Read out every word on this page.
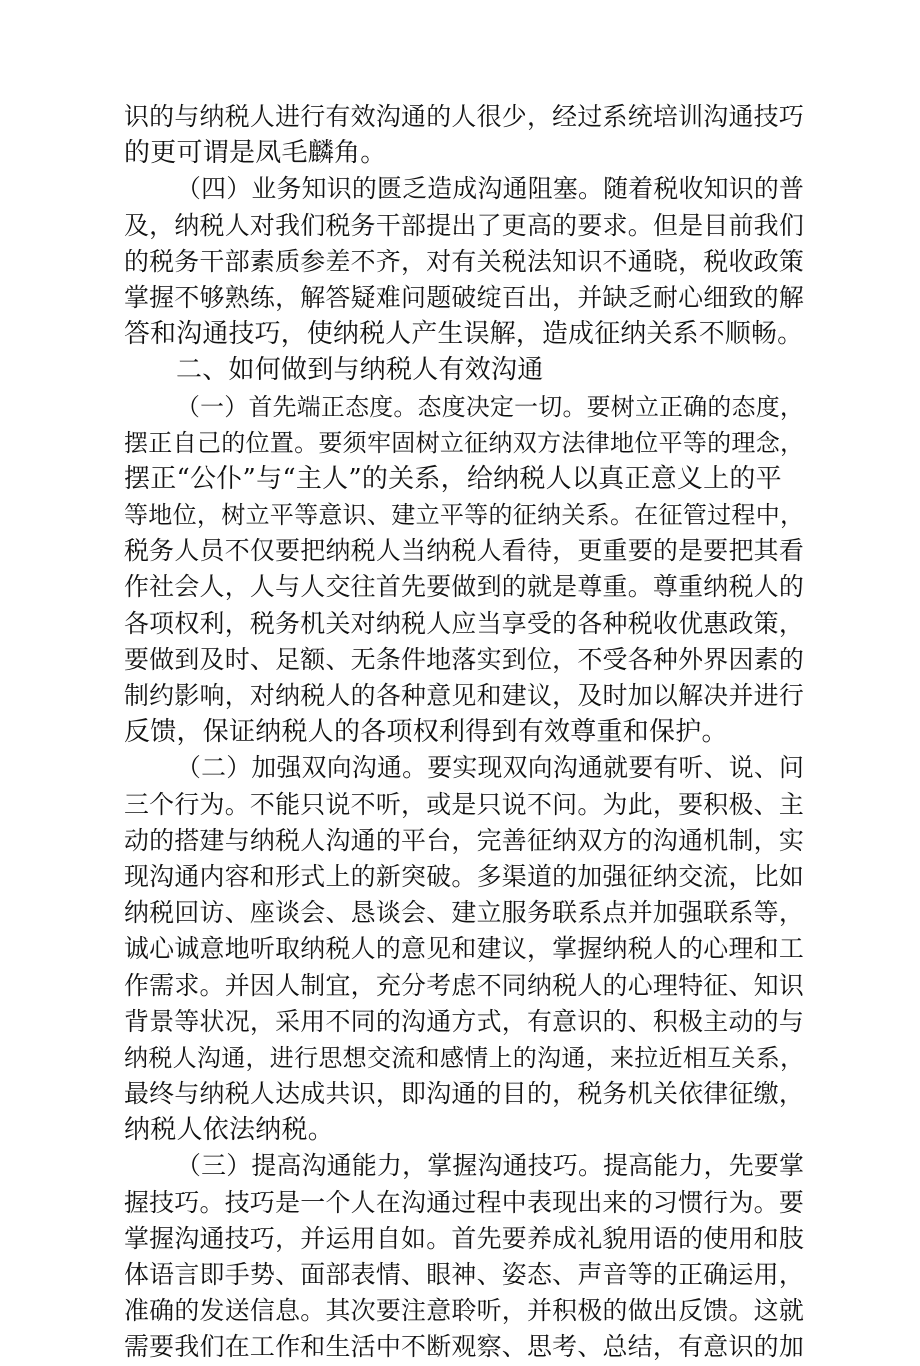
识的与纳税人进行有效沟通的人很少，经过系统培训沟通技巧
的更可谓是凤毛麟角。
（四）业务知识的匮乏造成沟通阻塞。随着税收知识的普
及，纳税人对我们税务干部提出了更高的要求。但是目前我们
的税务干部素质参差不齐，对有关税法知识不通晓，税收政策
掌握不够熟练，解答疑难问题破绽百出，并缺乏耐心细致的解
答和沟通技巧，使纳税人产生误解，造成征纳关系不顺畅。
二、如何做到与纳税人有效沟通
（一）首先端正态度。态度决定一切。要树立正确的态度，
摆正自己的位置。要须牢固树立征纳双方法律地位平等的理念，
摆正“公仆”与“主人”的关系，给纳税人以真正意义上的平
等地位，树立平等意识、建立平等的征纳关系。在征管过程中，
税务人员不仅要把纳税人当纳税人看待，更重要的是要把其看
作社会人，人与人交往首先要做到的就是尊重。尊重纳税人的
各项权利，税务机关对纳税人应当享受的各种税收优惠政策，
要做到及时、足额、无条件地落实到位，不受各种外界因素的
制约影响，对纳税人的各种意见和建议，及时加以解决并进行
反馈，保证纳税人的各项权利得到有效尊重和保护。
（二）加强双向沟通。要实现双向沟通就要有听、说、问
三个行为。不能只说不听，或是只说不问。为此，要积极、主
动的搭建与纳税人沟通的平台，完善征纳双方的沟通机制，实
现沟通内容和形式上的新突破。多渠道的加强征纳交流，比如
纳税回访、座谈会、恳谈会、建立服务联系点并加强联系等，
诚心诚意地听取纳税人的意见和建议，掌握纳税人的心理和工
作需求。并因人制宜，充分考虑不同纳税人的心理特征、知识
背景等状况，采用不同的沟通方式，有意识的、积极主动的与
纳税人沟通，进行思想交流和感情上的沟通，来拉近相互关系，
最终与纳税人达成共识，即沟通的目的，税务机关依律征缴，
纳税人依法纳税。
（三）提高沟通能力，掌握沟通技巧。提高能力，先要掌
握技巧。技巧是一个人在沟通过程中表现出来的习惯行为。要
掌握沟通技巧，并运用自如。首先要养成礼貌用语的使用和肢
体语言即手势、面部表情、眼神、姿态、声音等的正确运用，
准确的发送信息。其次要注意聆听，并积极的做出反馈。这就
需要我们在工作和生活中不断观察、思考、总结，有意识的加
